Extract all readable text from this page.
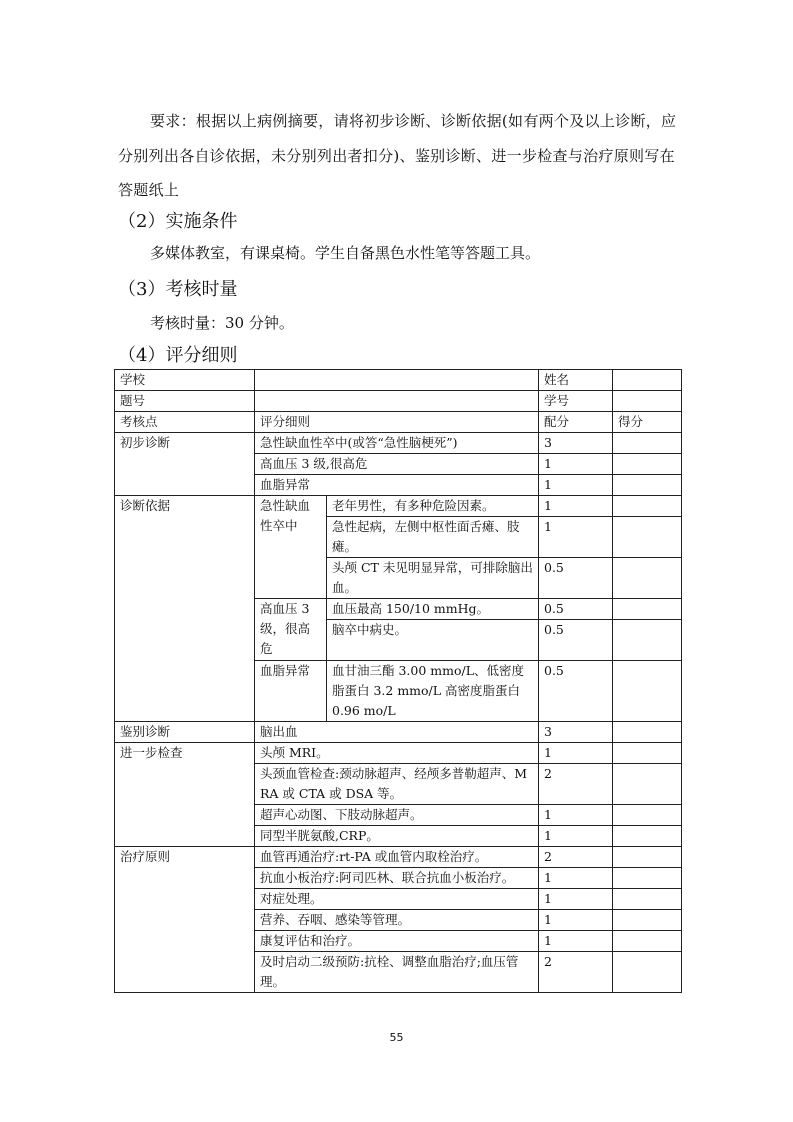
要求：根据以上病例摘要，请将初步诊断、诊断依据(如有两个及以上诊断，应分别列出各自诊依据，未分别列出者扣分)、鉴别诊断、进一步检查与治疗原则写在答题纸上

（2）实施条件
多媒体教室，有课桌椅。学生自备黑色水性笔等答题工具。
（3）考核时量
考核时量：30 分钟。
（4）评分细则
学校			姓名	
题号			学号	
考核点	评分细则		配分	得分
初步诊断	急性缺血性卒中(或答“急性脑梗死”)		3	
	高血压 3 级,很高危		1	
	血脂异常		1	
诊断依据	急性缺血性卒中	老年男性，有多种危险因素。	1	
		急性起病，左侧中枢性面舌瘫、肢瘫。	1	
		头颅 CT 未见明显异常，可排除脑出血。	0.5	
	高血压 3 级，很高危	血压最高 150/10 mmHg。	0.5	
		脑卒中病史。	0.5	
	血脂异常	血甘油三酯 3.00 mmo/L、低密度脂蛋白 3.2 mmo/L 高密度脂蛋白 0.96 mo/L	0.5	
鉴别诊断	脑出血		3	
进一步检查	头颅 MRI。		1	
	头颈血管检查:颈动脉超声、经颅多普勒超声、MRA 或 CTA 或 DSA 等。		2	
	超声心动图、下肢动脉超声。		1	
	同型半胱氨酸,CRP。		1	
治疗原则	血管再通治疗:rt-PA 或血管内取栓治疗。		2	
	抗血小板治疗:阿司匹林、联合抗血小板治疗。		1	
	对症处理。		1	
	营养、吞咽、感染等管理。		1	
	康复评估和治疗。		1	
	及时启动二级预防:抗栓、调整血脂治疗;血压管理。		2	
55
